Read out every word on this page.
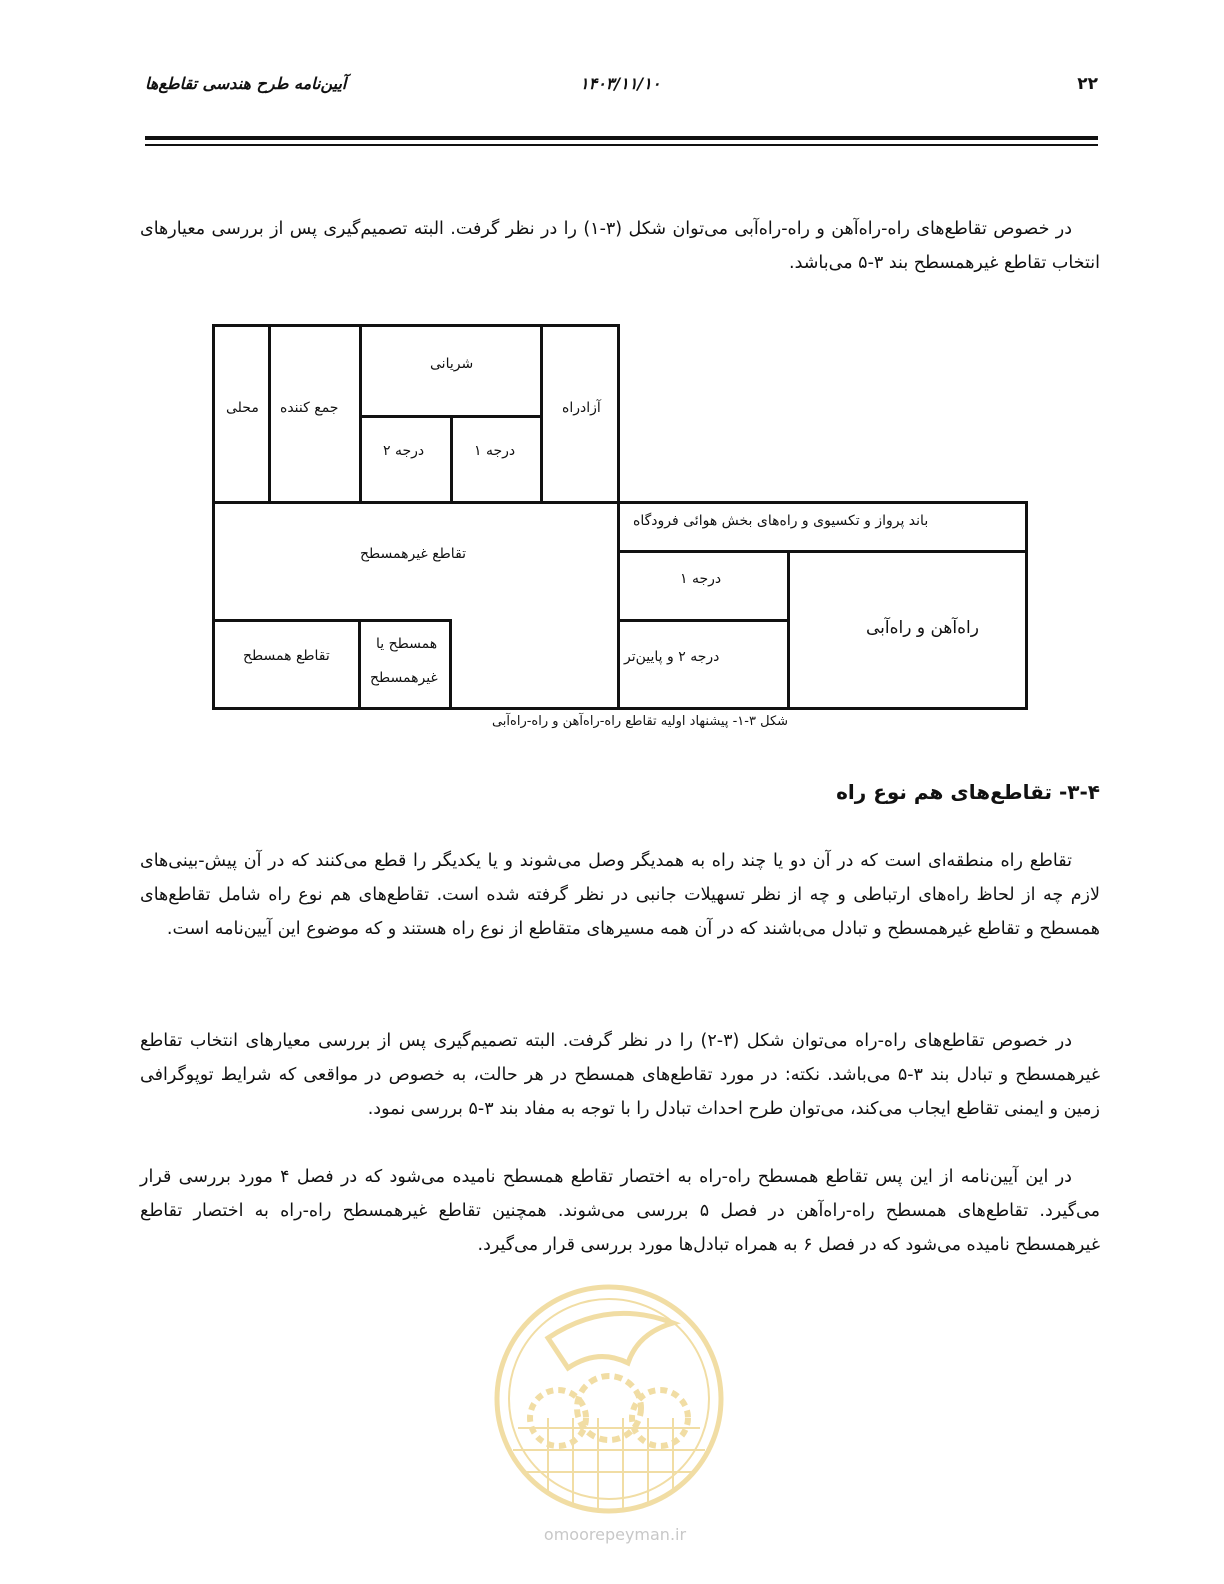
۲۲
۱۴۰۳/۱۱/۱۰
آیین‌نامه طرح هندسی تقاطع‌ها

در خصوص تقاطع‌های راه-راه‌آهن و راه-راه‌آبی می‌توان شکل (۳-۱) را در نظر گرفت. البته تصمیم‌گیری پس از بررسی معیارهای انتخاب تقاطع غیرهمسطح بند ۳-۵ می‌باشد.

محلی جمع کننده
شریانی
درجه ۲	درجه ۱
آزادراه
باند پرواز و تکسیوی و راه‌های بخش هوائی فرودگاه
تقاطع غیرهمسطح
درجه ۱
راه‌آهن و راه‌آبی
تقاطع همسطح
همسطح یا
غیرهمسطح
درجه ۲ و پایین‌تر
شکل ۳-۱- پیشنهاد اولیه تقاطع راه-راه‌آهن و راه-راه‌آبی
۳-۴- تقاطع‌های هم نوع راه

تقاطع راه منطقه‌ای است که در آن دو یا چند راه به همدیگر وصل می‌شوند و یا یکدیگر را قطع می‌کنند که در آن پیش-بینی‌های لازم چه از لحاظ راه‌های ارتباطی و چه از نظر تسهیلات جانبی در نظر گرفته شده است. تقاطع‌های هم نوع راه شامل تقاطع‌های همسطح و تقاطع غیرهمسطح و تبادل می‌باشند که در آن همه مسیرهای متقاطع از نوع راه هستند و که موضوع این آیین‌نامه است.

در خصوص تقاطع‌های راه-راه می‌توان شکل (۳-۲) را در نظر گرفت. البته تصمیم‌گیری پس از بررسی معیارهای انتخاب تقاطع غیرهمسطح و تبادل بند ۳-۵ می‌باشد. نکته: در مورد تقاطع‌های همسطح در هر حالت، به خصوص در مواقعی که شرایط توپوگرافی زمین و ایمنی تقاطع ایجاب می‌کند، می‌توان طرح احداث تبادل را با توجه به مفاد بند ۳-۵ بررسی نمود.

در این آیین‌نامه از این پس تقاطع همسطح راه-راه به اختصار تقاطع همسطح نامیده می‌شود که در فصل ۴ مورد بررسی قرار می‌گیرد. تقاطع‌های همسطح راه-راه‌آهن در فصل ۵ بررسی می‌شوند. همچنین تقاطع غیرهمسطح راه-راه به اختصار تقاطع غیرهمسطح نامیده می‌شود که در فصل ۶ به همراه تبادل‌ها مورد بررسی قرار می‌گیرد.

omoorepeyman.ir
